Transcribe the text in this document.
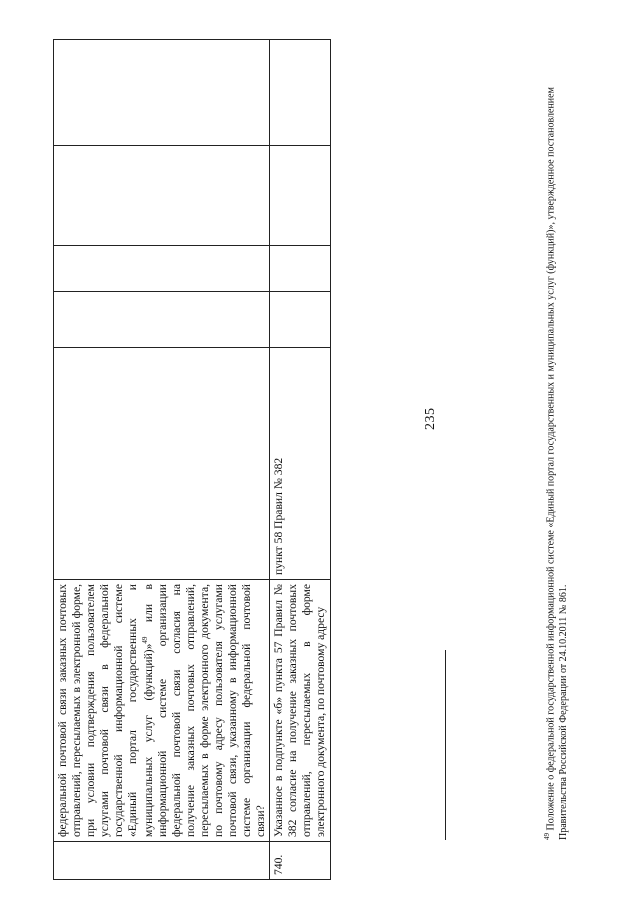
235
	федеральной почтовой связи заказных почтовых отправлений, пересылаемых в электронной форме, при условии подтверждения пользователем услугами почтовой связи в федеральной государственной информационной системе «Единый портал государственных и муниципальных услуг (функций)»$^{49}$ или в информационной системе организации федеральной почтовой связи согласия на получение заказных почтовых отправлений, пересылаемых в форме электронного документа, по почтовому адресу пользователя услугами почтовой связи, указанному в информационной системе организации федеральной почтовой связи?					
740.	Указанное в подпункте «б» пункта 57 Правил № 382 согласие на получение заказных почтовых отправлений, пересылаемых в форме электронного документа, по почтовому адресу	пункт 58 Правил № 382				
$^{49}$ Положение о федеральной государственной информационной системе «Единый портал государственных и муниципальных услуг (функций)», утвержденное постановлением Правительства Российской Федерации от 24.10.2011 № 861.
